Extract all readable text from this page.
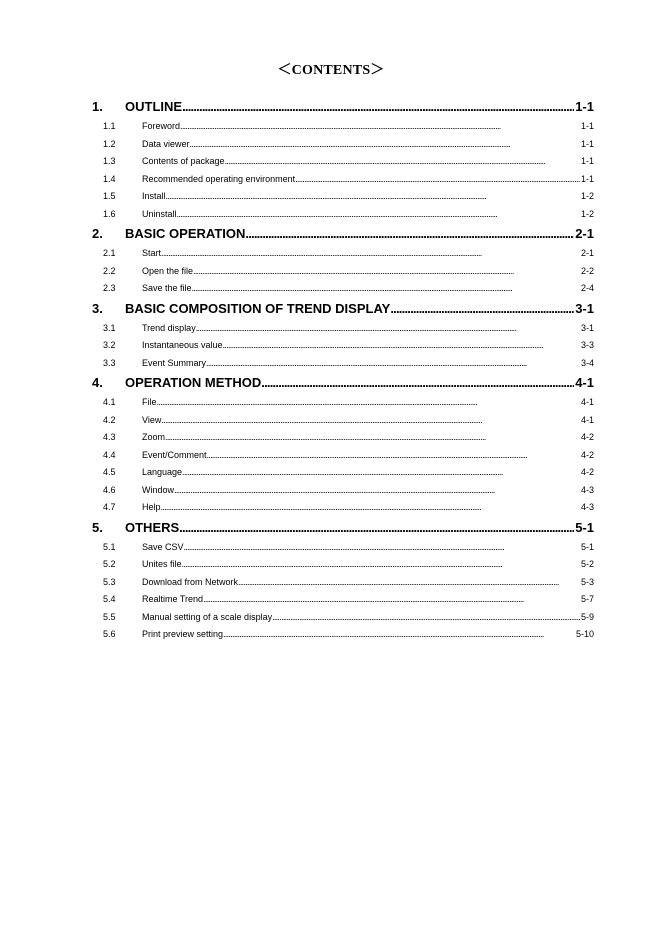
＜CONTENTS＞
1.	OUTLINE . . .	1-1
1.1	Foreword . . .	1-1
1.2	Data viewer . . .	1-1
1.3	Contents of package . . .	1-1
1.4	Recommended operating environment . . .	1-1
1.5	Install . . .	1-2
1.6	Uninstall . . .	1-2
2.	BASIC OPERATION . . .	2-1
2.1	Start . . .	2-1
2.2	Open the file . . .	2-2
2.3	Save the file . . .	2-4
3.	BASIC COMPOSITION OF TREND DISPLAY . . .	3-1
3.1	Trend display . . .	3-1
3.2	Instantaneous value . . .	3-3
3.3	Event Summary . . .	3-4
4.	OPERATION METHOD . . .	4-1
4.1	File . . .	4-1
4.2	View . . .	4-1
4.3	Zoom . . .	4-2
4.4	Event/Comment . . .	4-2
4.5	Language . . .	4-2
4.6	Window . . .	4-3
4.7	Help . . .	4-3
5.	OTHERS . . .	5-1
5.1	Save CSV . . .	5-1
5.2	Unites file . . .	5-2
5.3	Download from Network . . .	5-3
5.4	Realtime Trend . . .	5-7
5.5	Manual setting of a scale display . . .	5-9
5.6	Print preview setting . . .	5-10
